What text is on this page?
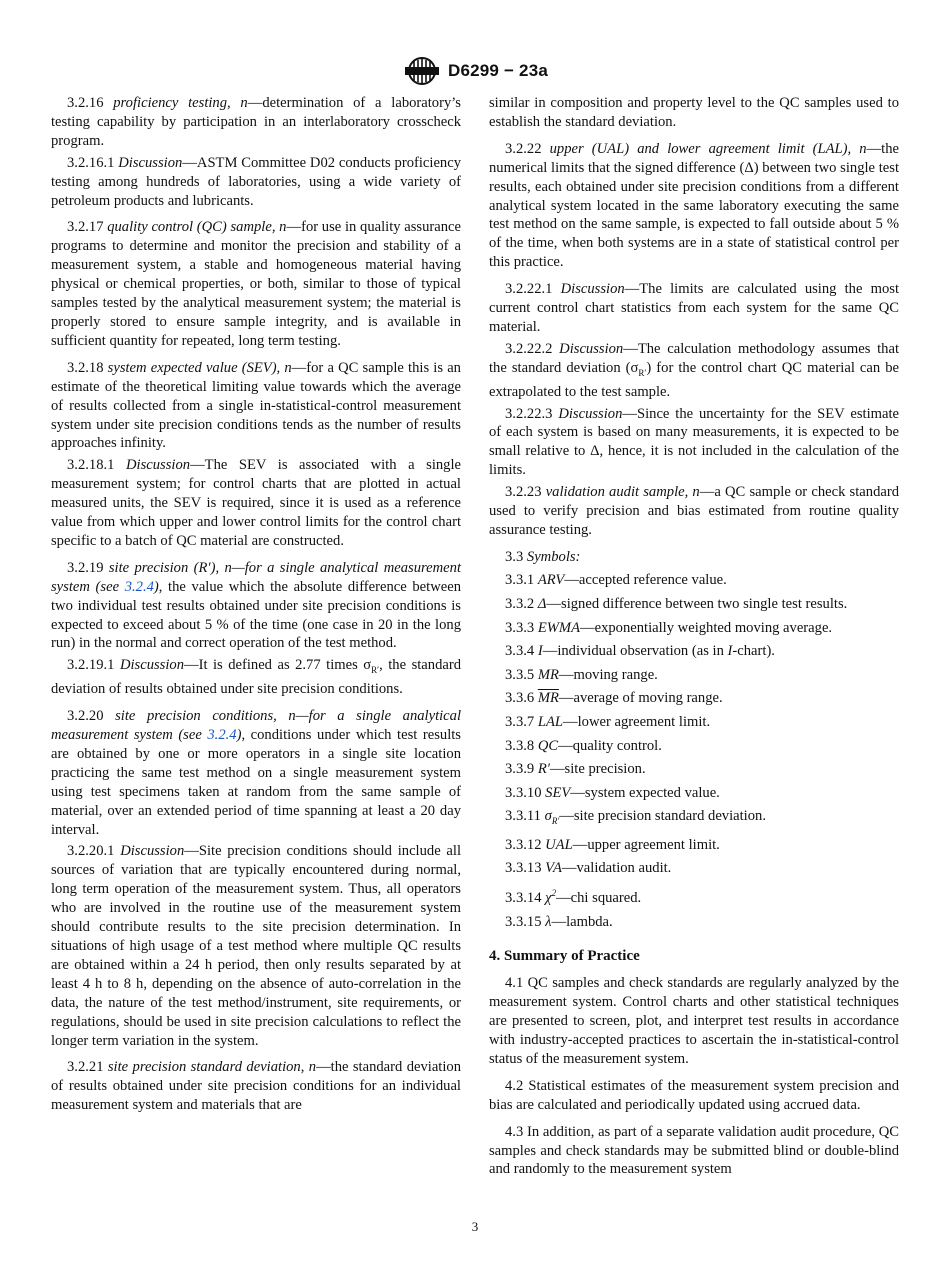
D6299 − 23a

3.2.16 proficiency testing, n—determination of a laboratory’s testing capability by participation in an interlaboratory crosscheck program.

3.2.16.1 Discussion—ASTM Committee D02 conducts proficiency testing among hundreds of laboratories, using a wide variety of petroleum products and lubricants.

3.2.17 quality control (QC) sample, n—for use in quality assurance programs to determine and monitor the precision and stability of a measurement system, a stable and homogeneous material having physical or chemical properties, or both, similar to those of typical samples tested by the analytical measurement system; the material is properly stored to ensure sample integrity, and is available in sufficient quantity for repeated, long term testing.

3.2.18 system expected value (SEV), n—for a QC sample this is an estimate of the theoretical limiting value towards which the average of results collected from a single in-statistical-control measurement system under site precision conditions tends as the number of results approaches infinity.

3.2.18.1 Discussion—The SEV is associated with a single measurement system; for control charts that are plotted in actual measured units, the SEV is required, since it is used as a reference value from which upper and lower control limits for the control chart specific to a batch of QC material are constructed.

3.2.19 site precision (R′), n—for a single analytical measurement system (see 3.2.4), the value which the absolute difference between two individual test results obtained under site precision conditions is expected to exceed about 5 % of the time (one case in 20 in the long run) in the normal and correct operation of the test method.

3.2.19.1 Discussion—It is defined as 2.77 times $\sigma_{R'}$, the standard deviation of results obtained under site precision conditions.

3.2.20 site precision conditions, n—for a single analytical measurement system (see 3.2.4), conditions under which test results are obtained by one or more operators in a single site location practicing the same test method on a single measurement system using test specimens taken at random from the same sample of material, over an extended period of time spanning at least a 20 day interval.

3.2.20.1 Discussion—Site precision conditions should include all sources of variation that are typically encountered during normal, long term operation of the measurement system. Thus, all operators who are involved in the routine use of the measurement system should contribute results to the site precision determination. In situations of high usage of a test method where multiple QC results are obtained within a 24 h period, then only results separated by at least 4 h to 8 h, depending on the absence of auto-correlation in the data, the nature of the test method/instrument, site requirements, or regulations, should be used in site precision calculations to reflect the longer term variation in the system.

3.2.21 site precision standard deviation, n—the standard deviation of results obtained under site precision conditions for an individual measurement system and materials that are

similar in composition and property level to the QC samples used to establish the standard deviation.

3.2.22 upper (UAL) and lower agreement limit (LAL), n—the numerical limits that the signed difference (Δ) between two single test results, each obtained under site precision conditions from a different analytical system located in the same laboratory executing the same test method on the same sample, is expected to fall outside about 5 % of the time, when both systems are in a state of statistical control per this practice.

3.2.22.1 Discussion—The limits are calculated using the most current control chart statistics from each system for the same QC material.

3.2.22.2 Discussion—The calculation methodology assumes that the standard deviation $(\sigma_{R'})$ for the control chart QC material can be extrapolated to the test sample.

3.2.22.3 Discussion—Since the uncertainty for the SEV estimate of each system is based on many measurements, it is expected to be small relative to Δ, hence, it is not included in the calculation of the limits.

3.2.23 validation audit sample, n—a QC sample or check standard used to verify precision and bias estimated from routine quality assurance testing.

3.3 Symbols:

3.3.1 ARV—accepted reference value.

3.3.2 Δ—signed difference between two single test results.

3.3.3 EWMA—exponentially weighted moving average.

3.3.4 I—individual observation (as in I-chart).

3.3.5 MR—moving range.

3.3.6 $\overline{MR}—average$ of moving range.

3.3.7 LAL—lower agreement limit.

3.3.8 QC—quality control.

3.3.9 R′—site precision.

3.3.10 SEV—system expected value.

3.3.11 $\sigma_{R'}—site$ precision standard deviation.

3.3.12 UAL—upper agreement limit.

3.3.13 VA—validation audit.

3.3.14 $\chi^2—chi$ squared.

3.3.15 λ—lambda.

4. Summary of Practice

4.1 QC samples and check standards are regularly analyzed by the measurement system. Control charts and other statistical techniques are presented to screen, plot, and interpret test results in accordance with industry-accepted practices to ascertain the in-statistical-control status of the measurement system.

4.2 Statistical estimates of the measurement system precision and bias are calculated and periodically updated using accrued data.

4.3 In addition, as part of a separate validation audit procedure, QC samples and check standards may be submitted blind or double-blind and randomly to the measurement system

3
